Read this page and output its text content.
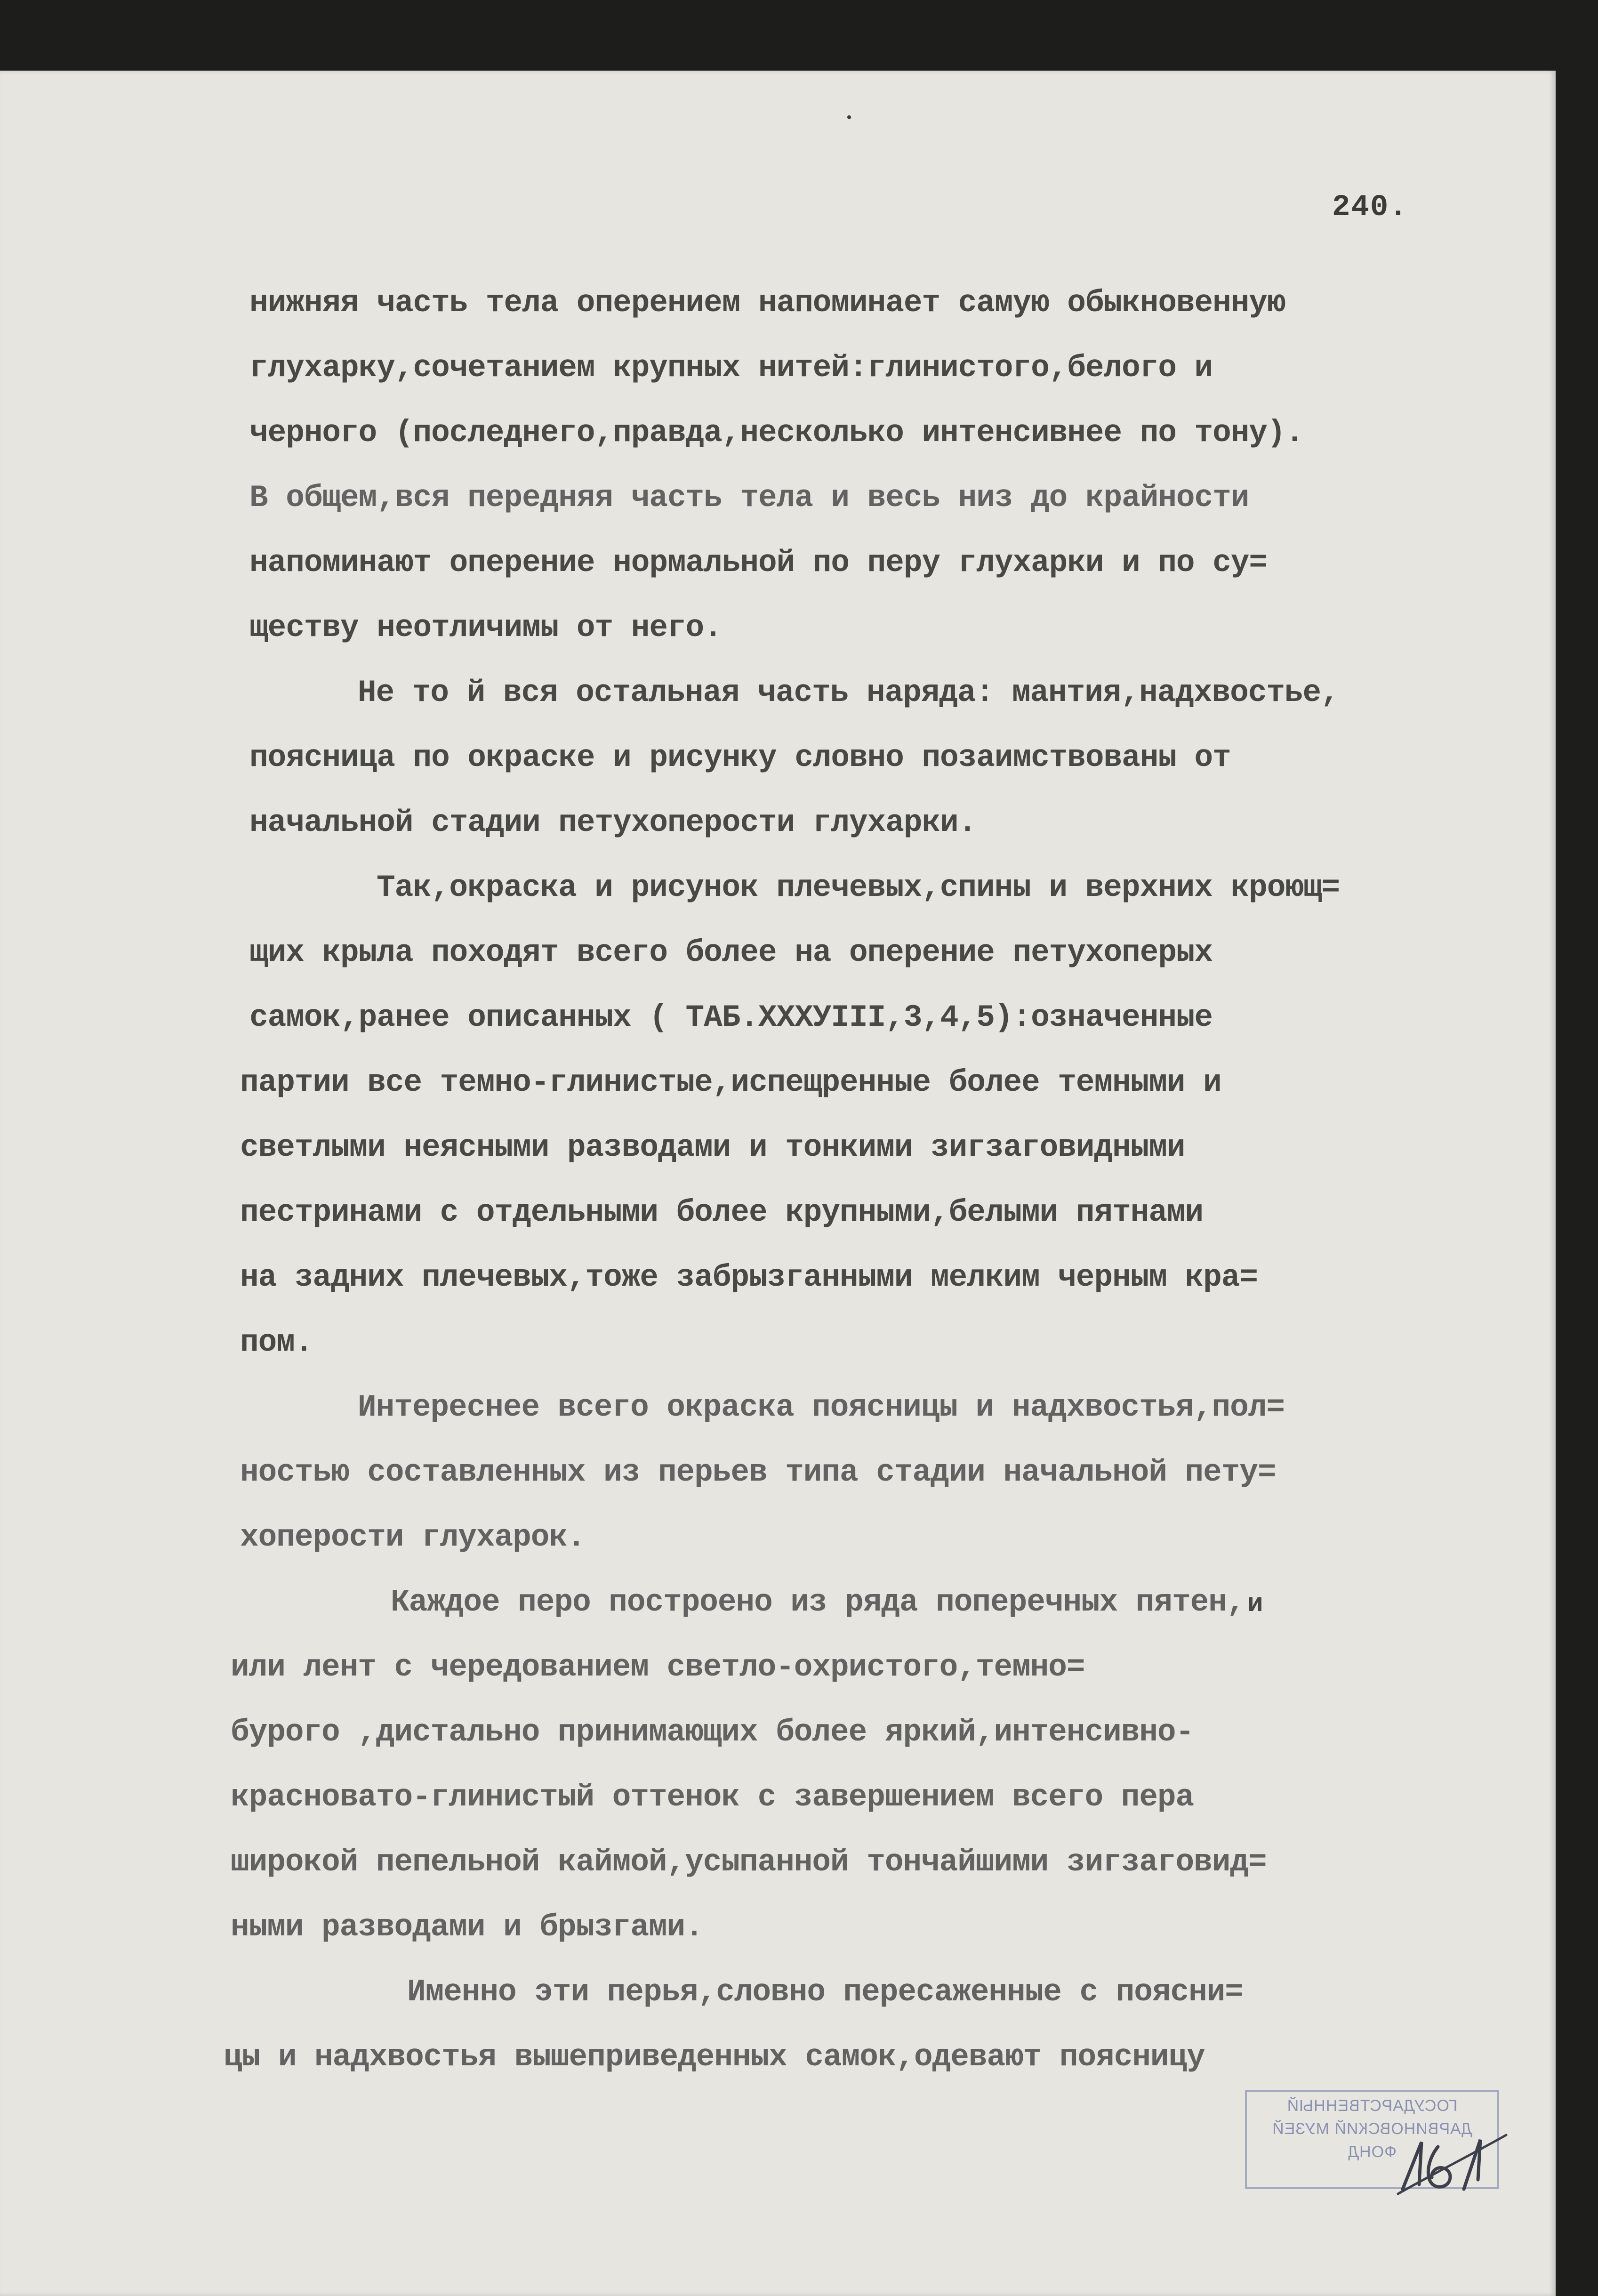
240.

нижняя часть тела оперением напоминает самую обыкновенную

глухарку,сочетанием крупных нитей:глинистого,белого и

черного (последнего,правда,несколько интенсивнее по тону).

В общем,вся передняя часть тела и весь низ до крайности

напоминают оперение нормальной по перу глухарки и по су=

ществу неотличимы от него.

Не то й вся остальная часть наряда: мантия,надхвостье,

поясница по окраске и рисунку словно позаимствованы от

начальной стадии петухоперости глухарки.

Так,окраска и рисунок плечевых,спины и верхних кроющ=

щих крыла походят всего более на оперение петухоперых

самок,ранее описанных ( ТАБ.XXXУIII,3,4,5):означенные

партии все темно-глинистые,испещренные более темными и

светлыми неясными разводами и тонкими зигзаговидными

пестринами с отдельными более крупными,белыми пятнами

на задних плечевых,тоже забрызганными мелким черным кра=

пом.

Интереснее всего окраска поясницы и надхвостья,пол=

ностью составленных из перьев типа стадии начальной пету=

хоперости глухарок.

Каждое перо построено из ряда поперечных пятен,

или лент с чередованием светло-охристого,темно=

бурого ,дистально принимающих более яркий,интенсивно-

красновато-глинистый оттенок с завершением всего пера

широкой пепельной каймой,усыпанной тончайшими зигзаговид=

ными разводами и брызгами.

Именно эти перья,словно пересаженные с поясни=

цы и надхвостья вышеприведенных самок,одевают поясницу

и

ГОСУДАРСТВЕННЫЙ

ДАРВИНОВСКИЙ МУЗЕЙ

ФОНД
